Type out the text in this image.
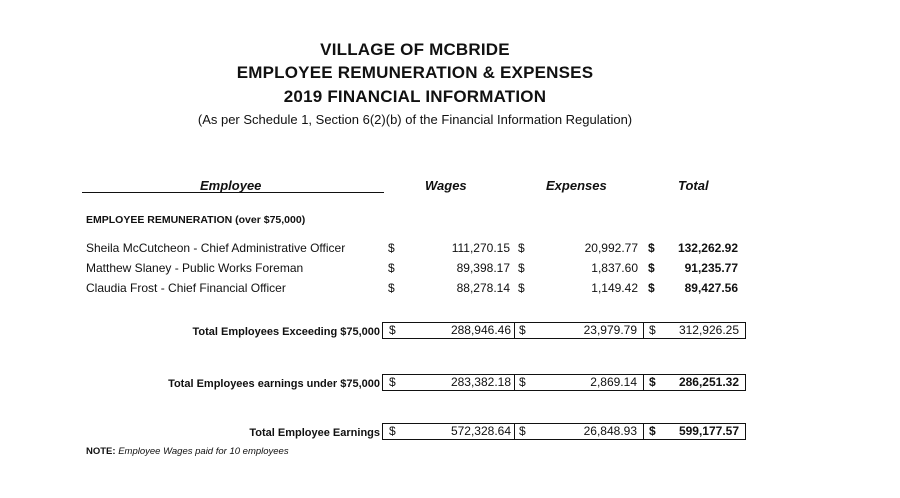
VILLAGE OF MCBRIDE
EMPLOYEE REMUNERATION & EXPENSES
2019 FINANCIAL INFORMATION
(As per Schedule 1, Section 6(2)(b) of the Financial Information Regulation)
Employee	Wages	Expenses	Total
EMPLOYEE REMUNERATION (over $75,000)
Sheila McCutcheon - Chief Administrative Officer	$	111,270.15 $	20,992.77 $	132,262.92
Matthew Slaney - Public Works Foreman	$	89,398.17 $	1,837.60 $	91,235.77
Claudia Frost - Chief Financial Officer	$	88,278.14 $	1,149.42 $	89,427.56
Total Employees Exceeding $75,000 $	288,946.46 $	23,979.79 $	312,926.25
Total Employees earnings under $75,000 $	283,382.18 $	2,869.14 $	286,251.32
Total Employee Earnings $	572,328.64 $	26,848.93 $	599,177.57
NOTE: Employee Wages paid for 10 employees
